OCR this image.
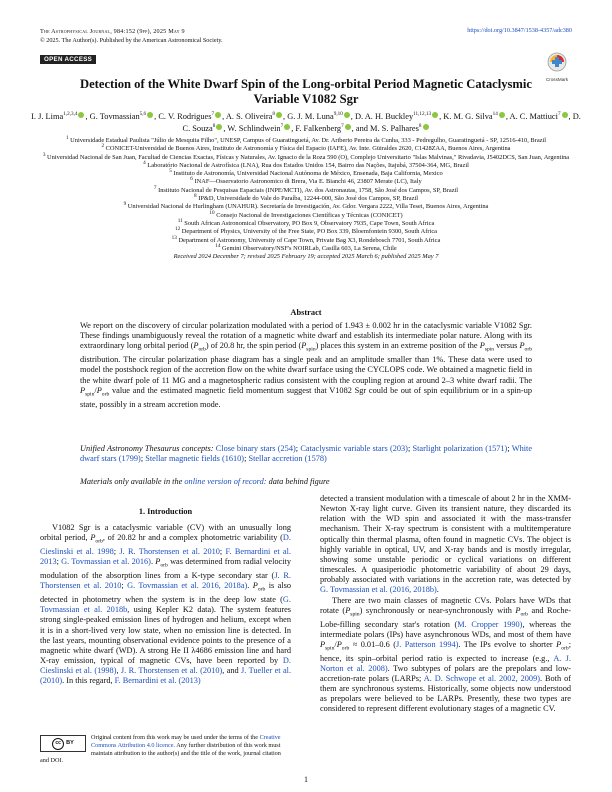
The Astrophysical Journal, 984:152 (9pp), 2025 May 9
© 2025. The Author(s). Published by the American Astronomical Society.
https://doi.org/10.3847/1538-4357/adc380
OPEN ACCESS
CrossMark
Detection of the White Dwarf Spin of the Long-orbital Period Magnetic Cataclysmic Variable V1082 Sgr
I. J. Lima$^{1,2,3,4}$ , G. Tovmassian$^{5,6}$ , C. V. Rodrigues$^7$ , A. S. Oliveira$^8$ , G. J. M. Luna$^{9,10}$ , D. A. H. Buckley$^{11,12,13}$ , K. M. G. Silva$^{14}$ , A. C. Mattiuci$^7$ , D. C. Souza$^8$ , W. Schlindwein$^7$ , F. Falkenberg$^7$ , and M. S. Palhares$^8$
$^1$ Universidade Estadual Paulista "Júlio de Mesquita Filho", UNESP, Campus of Guaratinguetá, Av. Dr. Ariberto Pereira da Cunha, 333 - Pedregulho, Guaratinguetá - SP, 12516-410, Brazil
$^2$ CONICET-Universidad de Buenos Aires, Instituto de Astronomía y Física del Espacio (IAFE), Av. Inte. Güiraldes 2620, C1428ZAA, Buenos Aires, Argentina
$^3$ Universidad Nacional de San Juan, Facultad de Ciencias Exactas, Físicas y Naturales, Av. Ignacio de la Roza 590 (O), Complejo Universitario "Islas Malvinas," Rivadavia, J5402DCS, San Juan, Argentina
$^4$ Laboratório Nacional de Astrofísica (LNA), Rua dos Estados Unidos 154, Bairro das Nações, Itajubá, 37504-364, MG, Brazil
$^5$ Instituto de Astronomía, Universidad Nacional Autónoma de México, Ensenada, Baja California, Mexico
$^6$ INAF—Osservatorio Astronomico di Brera, Via E. Bianchi 46, 23807 Merate (LC), Italy
$^7$ Instituto Nacional de Pesquisas Espaciais (INPE/MCTI), Av. dos Astronautas, 1758, São José dos Campos, SP, Brazil
$^8$ IP&D, Universidade do Vale do Paraíba, 12244-000, São José dos Campos, SP, Brazil
$^9$ Universidad Nacional de Hurlingham (UNAHUR). Secretaría de Investigación, Av. Gdor. Vergara 2222, Villa Tesei, Buenos Aires, Argentina
$^{10}$ Consejo Nacional de Investigaciones Científicas y Técnicas (CONICET)
$^{11}$ South African Astronomical Observatory, PO Box 9, Observatory 7935, Cape Town, South Africa
$^{12}$ Department of Physics, University of the Free State, PO Box 339, Bloemfontein 9300, South Africa
$^{13}$ Department of Astronomy, University of Cape Town, Private Bag X3, Rondebosch 7701, South Africa
$^{14}$ Gemini Observatory/NSF's NOIRLab, Casilla 603, La Serena, Chile
Received 2024 December 7; revised 2025 February 19; accepted 2025 March 6; published 2025 May 7
Abstract
We report on the discovery of circular polarization modulated with a period of 1.943 ± 0.002 hr in the cataclysmic variable V1082 Sgr. These findings unambiguously reveal the rotation of a magnetic white dwarf and establish its intermediate polar nature. Along with its extraordinary long orbital period $(P_{orb})$ of 20.8 hr, the spin period $(P_{spin})$ places this system in an extreme position of the $P_{spin}$ versus $P_{orb}$ distribution. The circular polarization phase diagram has a single peak and an amplitude smaller than 1%. These data were used to model the postshock region of the accretion flow on the white dwarf surface using the CYCLOPS code. We obtained a magnetic field in the white dwarf pole of 11 MG and a magnetospheric radius consistent with the coupling region at around 2–3 white dwarf radii. The $P_{spin}/P_{orb}$ value and the estimated magnetic field momentum suggest that V1082 Sgr could be out of spin equilibrium or in a spin-up state, possibly in a stream accretion mode.
Unified Astronomy Thesaurus concepts: Close binary stars (254); Cataclysmic variable stars (203); Starlight polarization (1571); White dwarf stars (1799); Stellar magnetic fields (1610); Stellar accretion (1578)
Materials only available in the online version of record: data behind figure
1. Introduction

V1082 Sgr is a cataclysmic variable (CV) with an unusually long orbital period, $P_{orb}$, of 20.82 hr and a complex photometric variability (D. Cieslinski et al. 1998; J. R. Thorstensen et al. 2010; F. Bernardini et al. 2013; G. Tovmassian et al. 2016). $P_{orb}$ was determined from radial velocity modulation of the absorption lines from a K-type secondary star (J. R. Thorstensen et al. 2010; G. Tovmassian et al. 2016, 2018a). $P_{orb}$ is also detected in photometry when the system is in the deep low state (G. Tovmassian et al. 2018b, using Kepler K2 data). The system features strong single-peaked emission lines of hydrogen and helium, except when it is in a short-lived very low state, when no emission line is detected. In the last years, mounting observational evidence points to the presence of a magnetic white dwarf (WD). A strong He II λ4686 emission line and hard X-ray emission, typical of magnetic CVs, have been reported by D. Cieslinski et al. (1998), J. R. Thorstensen et al. (2010), and J. Tueller et al. (2010). In this regard, F. Bernardini et al. (2013)

detected a transient modulation with a timescale of about 2 hr in the XMM-Newton X-ray light curve. Given its transient nature, they discarded its relation with the WD spin and associated it with the mass-transfer mechanism. Their X-ray spectrum is consistent with a multitemperature optically thin thermal plasma, often found in magnetic CVs. The object is highly variable in optical, UV, and X-ray bands and is mostly irregular, showing some unstable periodic or cyclical variations on different timescales. A quasiperiodic photometric variability of about 29 days, probably associated with variations in the accretion rate, was detected by G. Tovmassian et al. (2016, 2018b).

There are two main classes of magnetic CVs. Polars have WDs that rotate $(P_{spin})$ synchronously or near-synchronously with $P_{orb}$ and Roche-Lobe-filling secondary star's rotation (M. Cropper 1990), whereas the intermediate polars (IPs) have asynchronous WDs, and most of them have $P_{spin}/P_{orb} \approx 0.01-0.6$ (J. Patterson 1994). The IPs evolve to shorter $P_{orb}$; hence, its spin–orbital period ratio is expected to increase (e.g., A. J. Norton et al. 2008). Two subtypes of polars are the prepolars and low-accretion-rate polars (LARPs; A. D. Schwope et al. 2002, 2009). Both of them are synchronous systems. Historically, some objects now understood as prepolars were believed to be LARPs. Presently, these two types are considered to represent different evolutionary stages of a magnetic CV.

cc BY
Original content from this work may be used under the terms of the Creative Commons Attribution 4.0 licence. Any further distribution of this work must maintain attribution to the author(s) and the title of the work, journal citation and DOI.
1
